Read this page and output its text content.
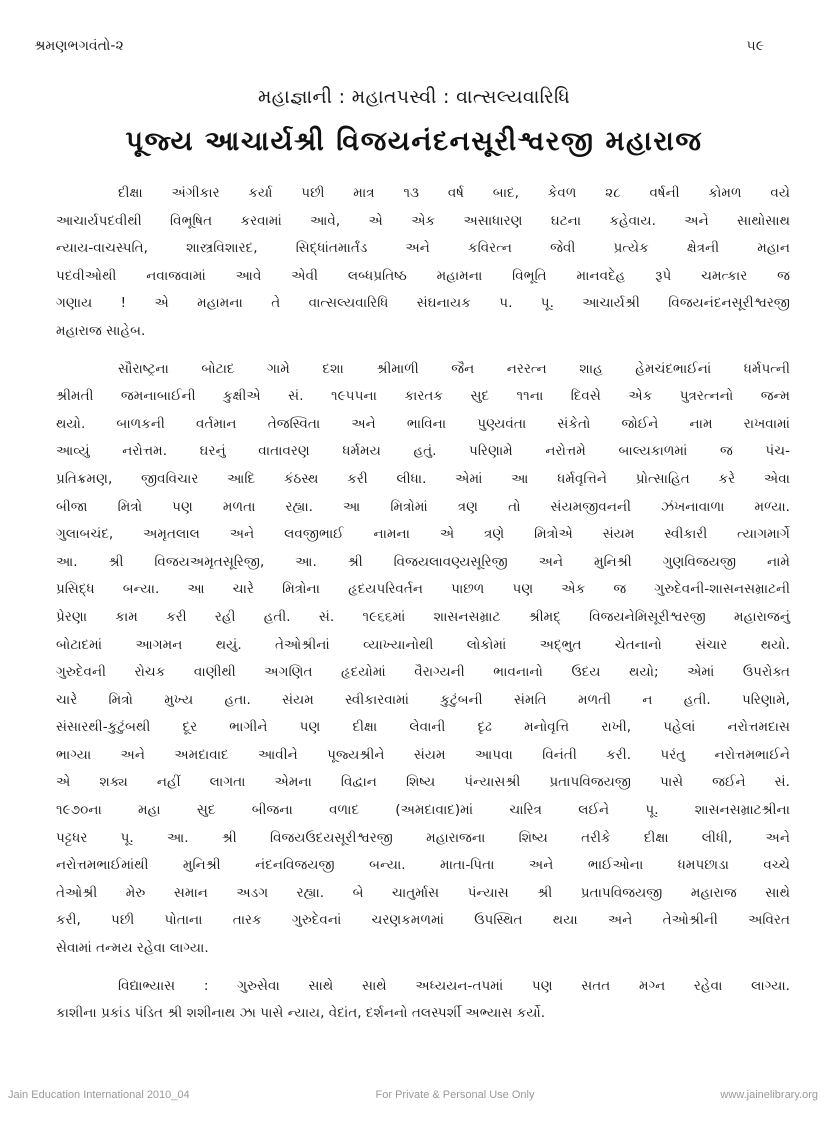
શ્રમણભગવંતો-૨	૫૯
મહાજ્ઞાની : મહાતપસ્વી : વાત્સલ્યવારિધિ
પૂજ્ય આચાર્યશ્રી વિજયનંદનસૂરીશ્વરજી મહારાજ
દીક્ષા અંગીકાર કર્યા પછી માત્ર ૧૩ વર્ષ બાદ, કેવળ ૨૮ વર્ષની કોમળ વયે
આચાર્યપદવીથી વિભૂષિત કરવામાં આવે, એ એક અસાધારણ ઘટના કહેવાય. અને સાથોસાથ
ન્યાય-વાચસ્પતિ, શાસ્ત્રવિશારદ, સિદ્ધાંતમાર્તંડ અને કવિરત્ન જેવી પ્રત્યેક ક્ષેત્રની મહાન
પદવીઓથી નવાજવામાં આવે એવી લબ્ધપ્રતિષ્ઠ મહામના વિભૂતિ માનવદેહ રૂપે ચમત્કાર જ
ગણાય ! એ મહામના તે વાત્સલ્યવારિધિ સંઘનાયક પ. પૂ. આચાર્યશ્રી વિજયનંદનસૂરીશ્વરજી
મહારાજ સાહેબ.
સૌરાષ્ટ્રના બોટાદ ગામે દશા શ્રીમાળી જૈન નરરત્ન શાહ હેમચંદભાઈનાં ધર્મપત્ની
શ્રીમતી જમનાબાઈની કુક્ષીએ સં. ૧૯૫૫ના કારતક સુદ ૧૧ના દિવસે એક પુત્રરત્નનો જન્મ
થયો. બાળકની વર્તમાન તેજસ્વિતા અને ભાવિના પુણ્યવંતા સંકેતો જોઈને નામ રાખવામાં
આવ્યું નરોત્તમ. ઘરનું વાતાવરણ ધર્મમય હતું. પરિણામે નરોત્તમે બાલ્યકાળમાં જ પંચ-
પ્રતિક્રમણ, જીવવિચાર આદિ કંઠસ્થ કરી લીધા. એમાં આ ધર્મવૃત્તિને પ્રોત્સાહિત કરે એવા
બીજા મિત્રો પણ મળતા રહ્યા. આ મિત્રોમાં ત્રણ તો સંયમજીવનની ઝંખનાવાળા મળ્યા.
ગુલાબચંદ, અમૃતલાલ અને લવજીભાઈ નામના એ ત્રણે મિત્રોએ સંયમ સ્વીકારી ત્યાગમાર્ગે
આ. શ્રી વિજયઅમૃતસૂરિજી, આ. શ્રી વિજયલાવણ્યસૂરિજી અને મુનિશ્રી ગુણવિજયજી નામે
પ્રસિદ્ધ બન્યા. આ ચારે મિત્રોના હૃદયપરિવર્તન પાછળ પણ એક જ ગુરુદેવની-શાસનસમ્રાટની
પ્રેરણા કામ કરી રહી હતી. સં. ૧૯૬૬માં શાસનસમ્રાટ શ્રીમદ્ વિજયનેમિસૂરીશ્વરજી મહારાજનું
બોટાદમાં આગમન થયું. તેઓશ્રીનાં વ્યાખ્યાનોથી લોકોમાં અદ્ભુત ચેતનાનો સંચાર થયો.
ગુરુદેવની રોચક વાણીથી અગણિત હૃદયોમાં વૈરાગ્યની ભાવનાનો ઉદય થયો; એમાં ઉપરોક્ત
ચારે મિત્રો મુખ્ય હતા. સંયમ સ્વીકારવામાં કુટુંબની સંમતિ મળતી ન હતી. પરિણામે,
સંસારથી-કુટુંબથી દૂર ભાગીને પણ દીક્ષા લેવાની દૃઢ મનોવૃત્તિ રાખી, પહેલાં નરોત્તમદાસ
ભાગ્યા અને અમદાવાદ આવીને પૂજ્યશ્રીને સંયમ આપવા વિનંતી કરી. પરંતુ નરોત્તમભાઈને
એ શક્ય નહીં લાગતા એમના વિદ્વાન શિષ્ય પંન્યાસશ્રી પ્રતાપવિજયજી પાસે જઈને સં.
૧૯૭૦ના મહા સુદ બીજના વળાદ (અમદાવાદ)માં ચારિત્ર લઈને પૂ. શાસનસમ્રાટશ્રીના
પટ્ટધર પૂ. આ. શ્રી વિજયઉદયસૂરીશ્વરજી મહારાજના શિષ્ય તરીકે દીક્ષા લીધી, અને
નરોત્તમભાઈમાંથી મુનિશ્રી નંદનવિજયજી બન્યા. માતા-પિતા અને ભાઈઓના ધમપછાડા વચ્ચે
તેઓશ્રી મેરુ સમાન અડગ રહ્યા. બે ચાતુર્માસ પંન્યાસ શ્રી પ્રતાપવિજયજી મહારાજ સાથે
કરી, પછી પોતાના તારક ગુરુદેવનાં ચરણકમળમાં ઉપસ્થિત થયા અને તેઓશ્રીની અવિરત
સેવામાં તન્મય રહેવા લાગ્યા.
વિદ્યાભ્યાસ : ગુરુસેવા સાથે સાથે અધ્યયન-તપમાં પણ સતત મગ્ન રહેવા લાગ્યા.
કાશીના પ્રકાંડ પંડિત શ્રી શશીનાથ ઝા પાસે ન્યાય, વેદાંત, દર્શનનો તલસ્પર્શી અભ્યાસ કર્યો.
Jain Education International 2010_04	For Private & Personal Use Only	www.jainelibrary.org
